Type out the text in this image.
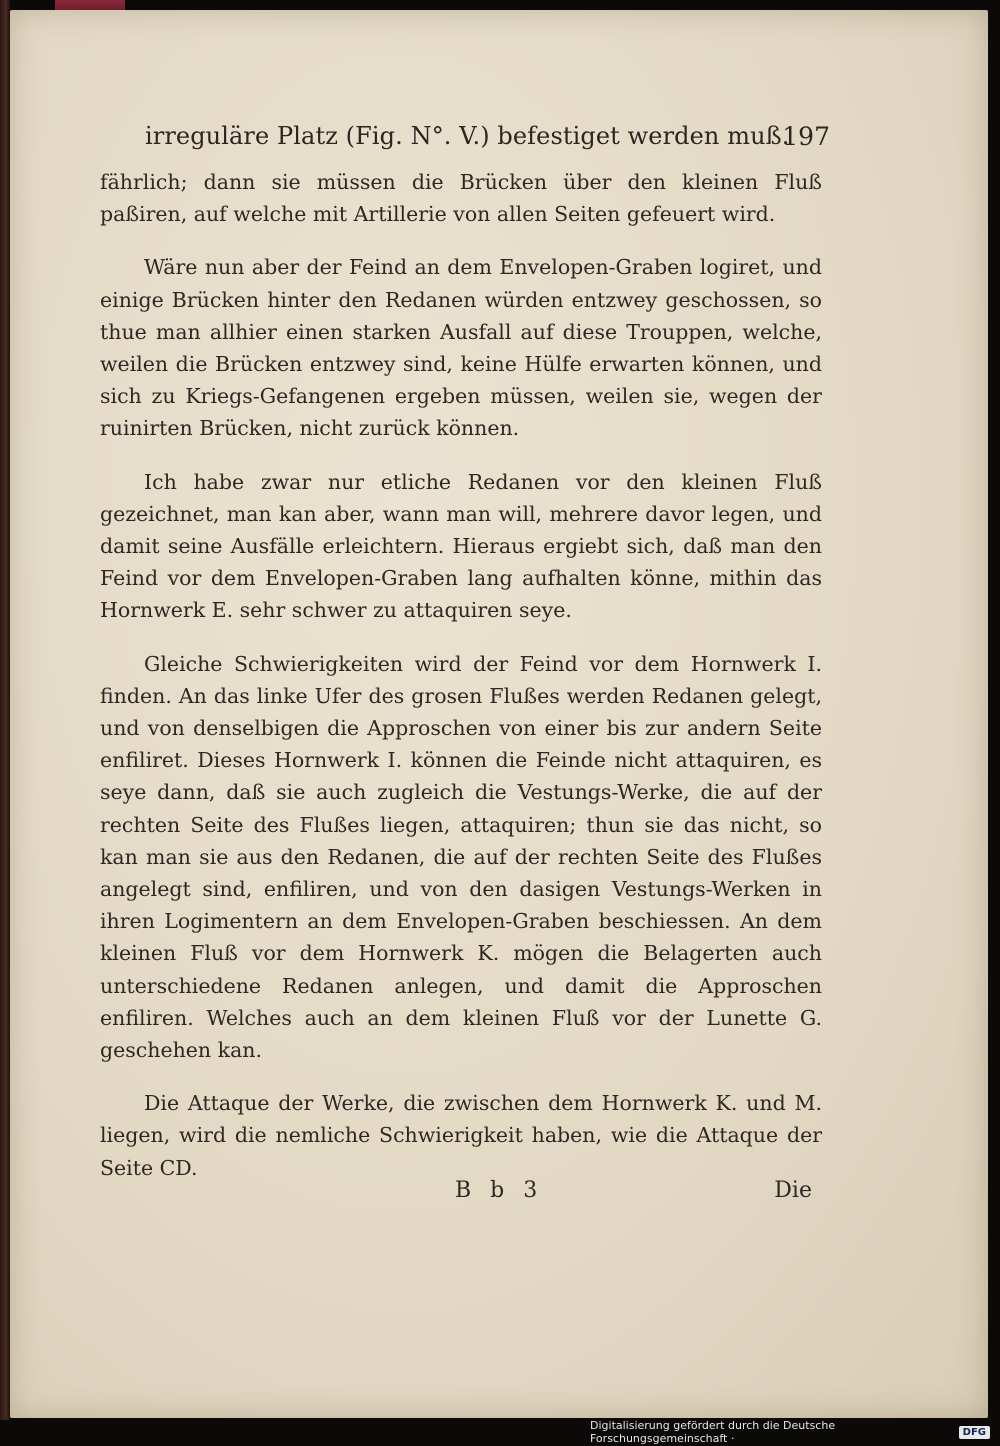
irreguläre Platz (Fig. N°. V.) befestiget werden muß.
197

fährlich; dann sie müssen die Brücken über den kleinen Fluß paßiren, auf welche mit Artillerie von allen Seiten gefeuert wird.

Wäre nun aber der Feind an dem Envelopen-Graben logiret, und einige Brücken hinter den Redanen würden entzwey geschossen, so thue man allhier einen starken Ausfall auf diese Trouppen, welche, weilen die Brücken entzwey sind, keine Hülfe erwarten können, und sich zu Kriegs-Gefangenen ergeben müssen, weilen sie, wegen der ruinirten Brücken, nicht zurück können.

Ich habe zwar nur etliche Redanen vor den kleinen Fluß gezeichnet, man kan aber, wann man will, mehrere davor legen, und damit seine Ausfälle erleichtern. Hieraus ergiebt sich, daß man den Feind vor dem Envelopen-Graben lang aufhalten könne, mithin das Hornwerk E. sehr schwer zu attaquiren seye.

Gleiche Schwierigkeiten wird der Feind vor dem Hornwerk I. finden. An das linke Ufer des grosen Flußes werden Redanen gelegt, und von denselbigen die Approschen von einer bis zur andern Seite enfiliret. Dieses Hornwerk I. können die Feinde nicht attaquiren, es seye dann, daß sie auch zugleich die Vestungs-Werke, die auf der rechten Seite des Flußes liegen, attaquiren; thun sie das nicht, so kan man sie aus den Redanen, die auf der rechten Seite des Flußes angelegt sind, enfiliren, und von den dasigen Vestungs-Werken in ihren Logimentern an dem Envelopen-Graben beschiessen. An dem kleinen Fluß vor dem Hornwerk K. mögen die Belagerten auch unterschiedene Redanen anlegen, und damit die Approschen enfiliren. Welches auch an dem kleinen Fluß vor der Lunette G. geschehen kan.

Die Attaque der Werke, die zwischen dem Hornwerk K. und M. liegen, wird die nemliche Schwierigkeit haben, wie die Attaque der Seite CD.

B b 3	Die
Digitalisierung gefördert durch die Deutsche Forschungsgemeinschaft ·	DFG
